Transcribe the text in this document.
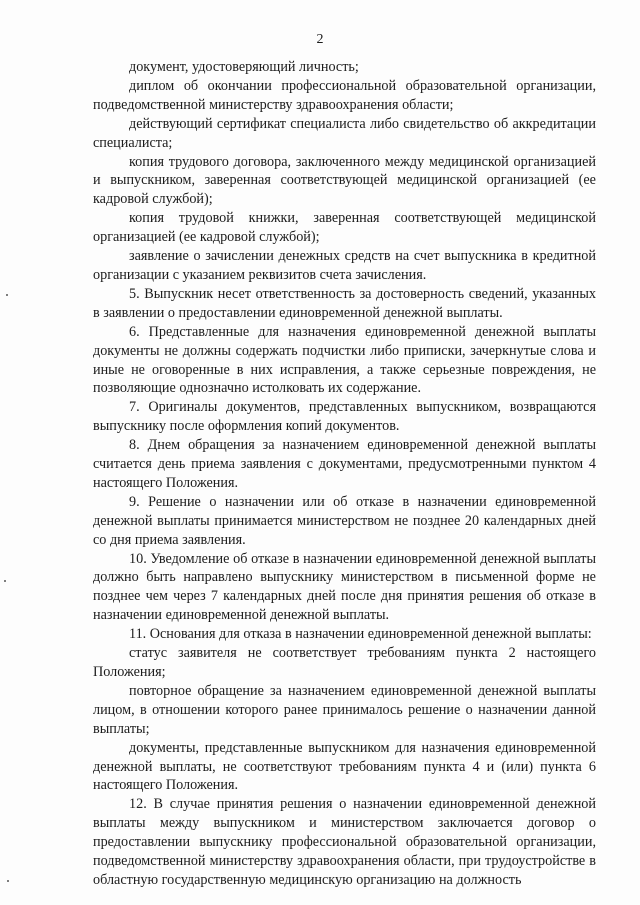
2

документ, удостоверяющий личность;

диплом об окончании профессиональной образовательной организации, подведомственной министерству здравоохранения области;

действующий сертификат специалиста либо свидетельство об аккредитации специалиста;

копия трудового договора, заключенного между медицинской организацией и выпускником, заверенная соответствующей медицинской организацией (ее кадровой службой);

копия трудовой книжки, заверенная соответствующей медицинской организацией (ее кадровой службой);

заявление о зачислении денежных средств на счет выпускника в кредитной организации с указанием реквизитов счета зачисления.

5. Выпускник несет ответственность за достоверность сведений, указанных в заявлении о предоставлении единовременной денежной выплаты.

6. Представленные для назначения единовременной денежной выплаты документы не должны содержать подчистки либо приписки, зачеркнутые слова и иные не оговоренные в них исправления, а также серьезные повреждения, не позволяющие однозначно истолковать их содержание.

7. Оригиналы документов, представленных выпускником, возвращаются выпускнику после оформления копий документов.

8. Днем обращения за назначением единовременной денежной выплаты считается день приема заявления с документами, предусмотренными пунктом 4 настоящего Положения.

9. Решение о назначении или об отказе в назначении единовременной денежной выплаты принимается министерством не позднее 20 календарных дней со дня приема заявления.

10. Уведомление об отказе в назначении единовременной денежной выплаты должно быть направлено выпускнику министерством в письменной форме не позднее чем через 7 календарных дней после дня принятия решения об отказе в назначении единовременной денежной выплаты.

11. Основания для отказа в назначении единовременной денежной выплаты:

статус заявителя не соответствует требованиям пункта 2 настоящего Положения;

повторное обращение за назначением единовременной денежной выплаты лицом, в отношении которого ранее принималось решение о назначении данной выплаты;

документы, представленные выпускником для назначения единовременной денежной выплаты, не соответствуют требованиям пункта 4 и (или) пункта 6 настоящего Положения.

12. В случае принятия решения о назначении единовременной денежной выплаты между выпускником и министерством заключается договор о предоставлении выпускнику профессиональной образовательной организации, подведомственной министерству здравоохранения области, при трудоустройстве в областную государственную медицинскую организацию на должность
